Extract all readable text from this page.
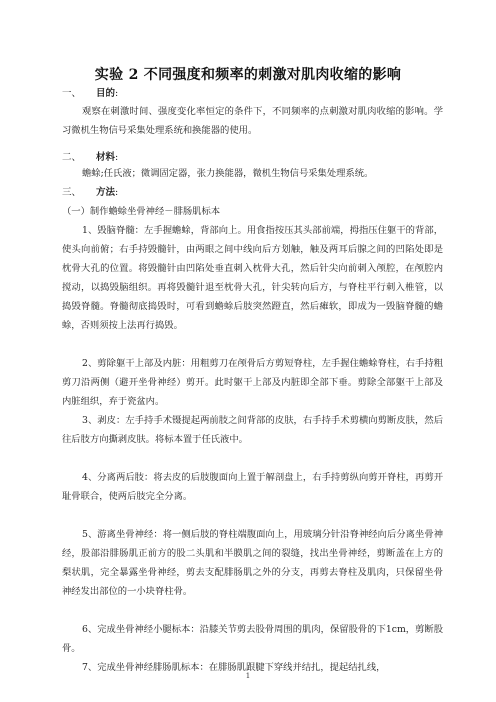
实验 2 不同强度和频率的刺激对肌肉收缩的影响
一、 目的:
观察在刺激时间、强度变化率恒定的条件下，不同频率的点刺激对肌肉收缩的影响。学习微机生物信号采集处理系统和换能器的使用。
二、 材料:
蟾蜍;任氏液；微调固定器，张力换能器，微机生物信号采集处理系统。
三、 方法:
（一）制作蟾蜍坐骨神经－腓肠肌标本
1、毁脑脊髓：左手握蟾蜍，背部向上。用食指按压其头部前端，拇指压住躯干的背部，使头向前俯；右手持毁髓针，由两眼之间中线向后方划触，触及两耳后腺之间的凹陷处即是枕骨大孔的位置。将毁髓针由凹陷处垂直刺入枕骨大孔，然后针尖向前刺入颅腔，在颅腔内搅动，以捣毁脑组织。再将毁髓针退至枕骨大孔，针尖转向后方，与脊柱平行刺入椎管，以捣毁脊髓。脊髓彻底捣毁时，可看到蟾蜍后肢突然蹬直，然后瘫软，即成为一毁脑脊髓的蟾蜍，否则须按上法再行捣毁。
2、剪除躯干上部及内脏：用粗剪刀在颅骨后方剪短脊柱，左手握住蟾蜍脊柱，右手持粗剪刀沿两侧（避开坐骨神经）剪开。此时躯干上部及内脏即全部下垂。剪除全部躯干上部及内脏组织，弃于瓷盆内。
3、剥皮：左手持手术镊提起两前肢之间背部的皮肤，右手持手术剪横向剪断皮肤，然后往后肢方向撕剥皮肤。将标本置于任氏液中。
4、分离两后肢：将去皮的后肢腹面向上置于解剖盘上，右手持剪纵向剪开脊柱，再剪开耻骨联合，使两后肢完全分离。
5、游离坐骨神经：将一侧后肢的脊柱端腹面向上，用玻璃分针沿脊神经向后分离坐骨神经，股部沿腓肠肌正前方的股二头肌和半膜肌之间的裂缝，找出坐骨神经，剪断盖在上方的梨状肌，完全暴露坐骨神经，剪去支配腓肠肌之外的分支，再剪去脊柱及肌肉，只保留坐骨神经发出部位的一小块脊柱骨。
6、完成坐骨神经小腿标本：沿膝关节剪去股骨周围的肌肉，保留股骨的下1cm，剪断股骨。
7、完成坐骨神经腓肠肌标本：在腓肠肌跟腱下穿线并结扎，提起结扎线，
1
